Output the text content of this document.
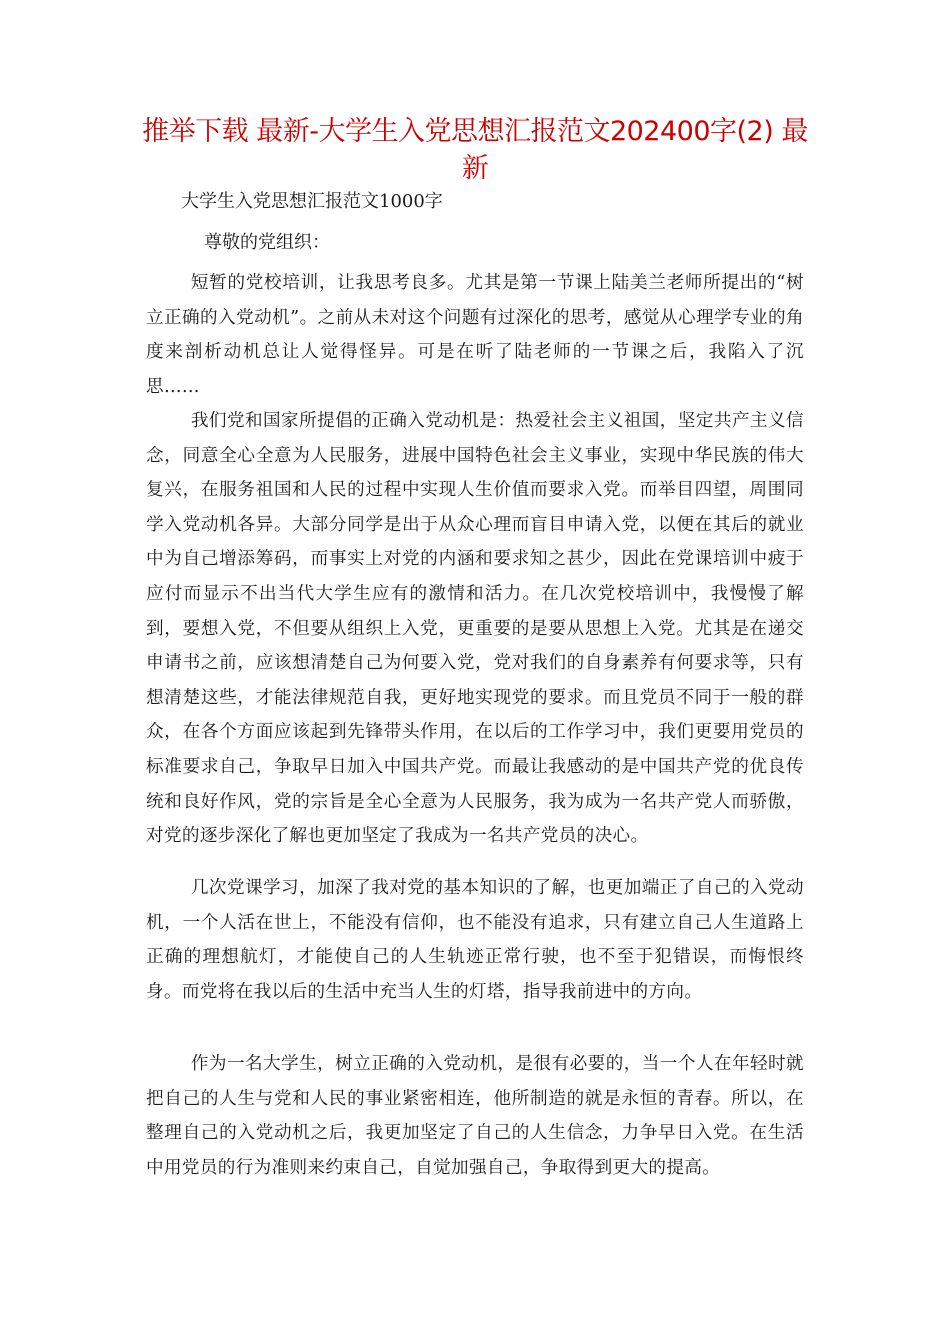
推举下载 最新-大学生入党思想汇报范文202400字(2) 最新

大学生入党思想汇报范文1000字

尊敬的党组织：

短暂的党校培训，让我思考良多。尤其是第一节课上陆美兰老师所提出的“树立正确的入党动机”。之前从未对这个问题有过深化的思考，感觉从心理学专业的角度来剖析动机总让人觉得怪异。可是在听了陆老师的一节课之后，我陷入了沉思……

我们党和国家所提倡的正确入党动机是：热爱社会主义祖国，坚定共产主义信念，同意全心全意为人民服务，进展中国特色社会主义事业，实现中华民族的伟大复兴，在服务祖国和人民的过程中实现人生价值而要求入党。而举目四望，周围同学入党动机各异。大部分同学是出于从众心理而盲目申请入党，以便在其后的就业中为自己增添筹码，而事实上对党的内涵和要求知之甚少，因此在党课培训中疲于应付而显示不出当代大学生应有的激情和活力。在几次党校培训中，我慢慢了解到，要想入党，不但要从组织上入党，更重要的是要从思想上入党。尤其是在递交申请书之前，应该想清楚自己为何要入党，党对我们的自身素养有何要求等，只有想清楚这些，才能法律规范自我，更好地实现党的要求。而且党员不同于一般的群众，在各个方面应该起到先锋带头作用，在以后的工作学习中，我们更要用党员的标准要求自己，争取早日加入中国共产党。而最让我感动的是中国共产党的优良传统和良好作风，党的宗旨是全心全意为人民服务，我为成为一名共产党人而骄傲，对党的逐步深化了解也更加坚定了我成为一名共产党员的决心。

几次党课学习，加深了我对党的基本知识的了解，也更加端正了自己的入党动机，一个人活在世上，不能没有信仰，也不能没有追求，只有建立自己人生道路上正确的理想航灯，才能使自己的人生轨迹正常行驶，也不至于犯错误，而悔恨终身。而党将在我以后的生活中充当人生的灯塔，指导我前进中的方向。

作为一名大学生，树立正确的入党动机，是很有必要的，当一个人在年轻时就把自己的人生与党和人民的事业紧密相连，他所制造的就是永恒的青春。所以，在整理自己的入党动机之后，我更加坚定了自己的人生信念，力争早日入党。在生活中用党员的行为准则来约束自己，自觉加强自己，争取得到更大的提高。
